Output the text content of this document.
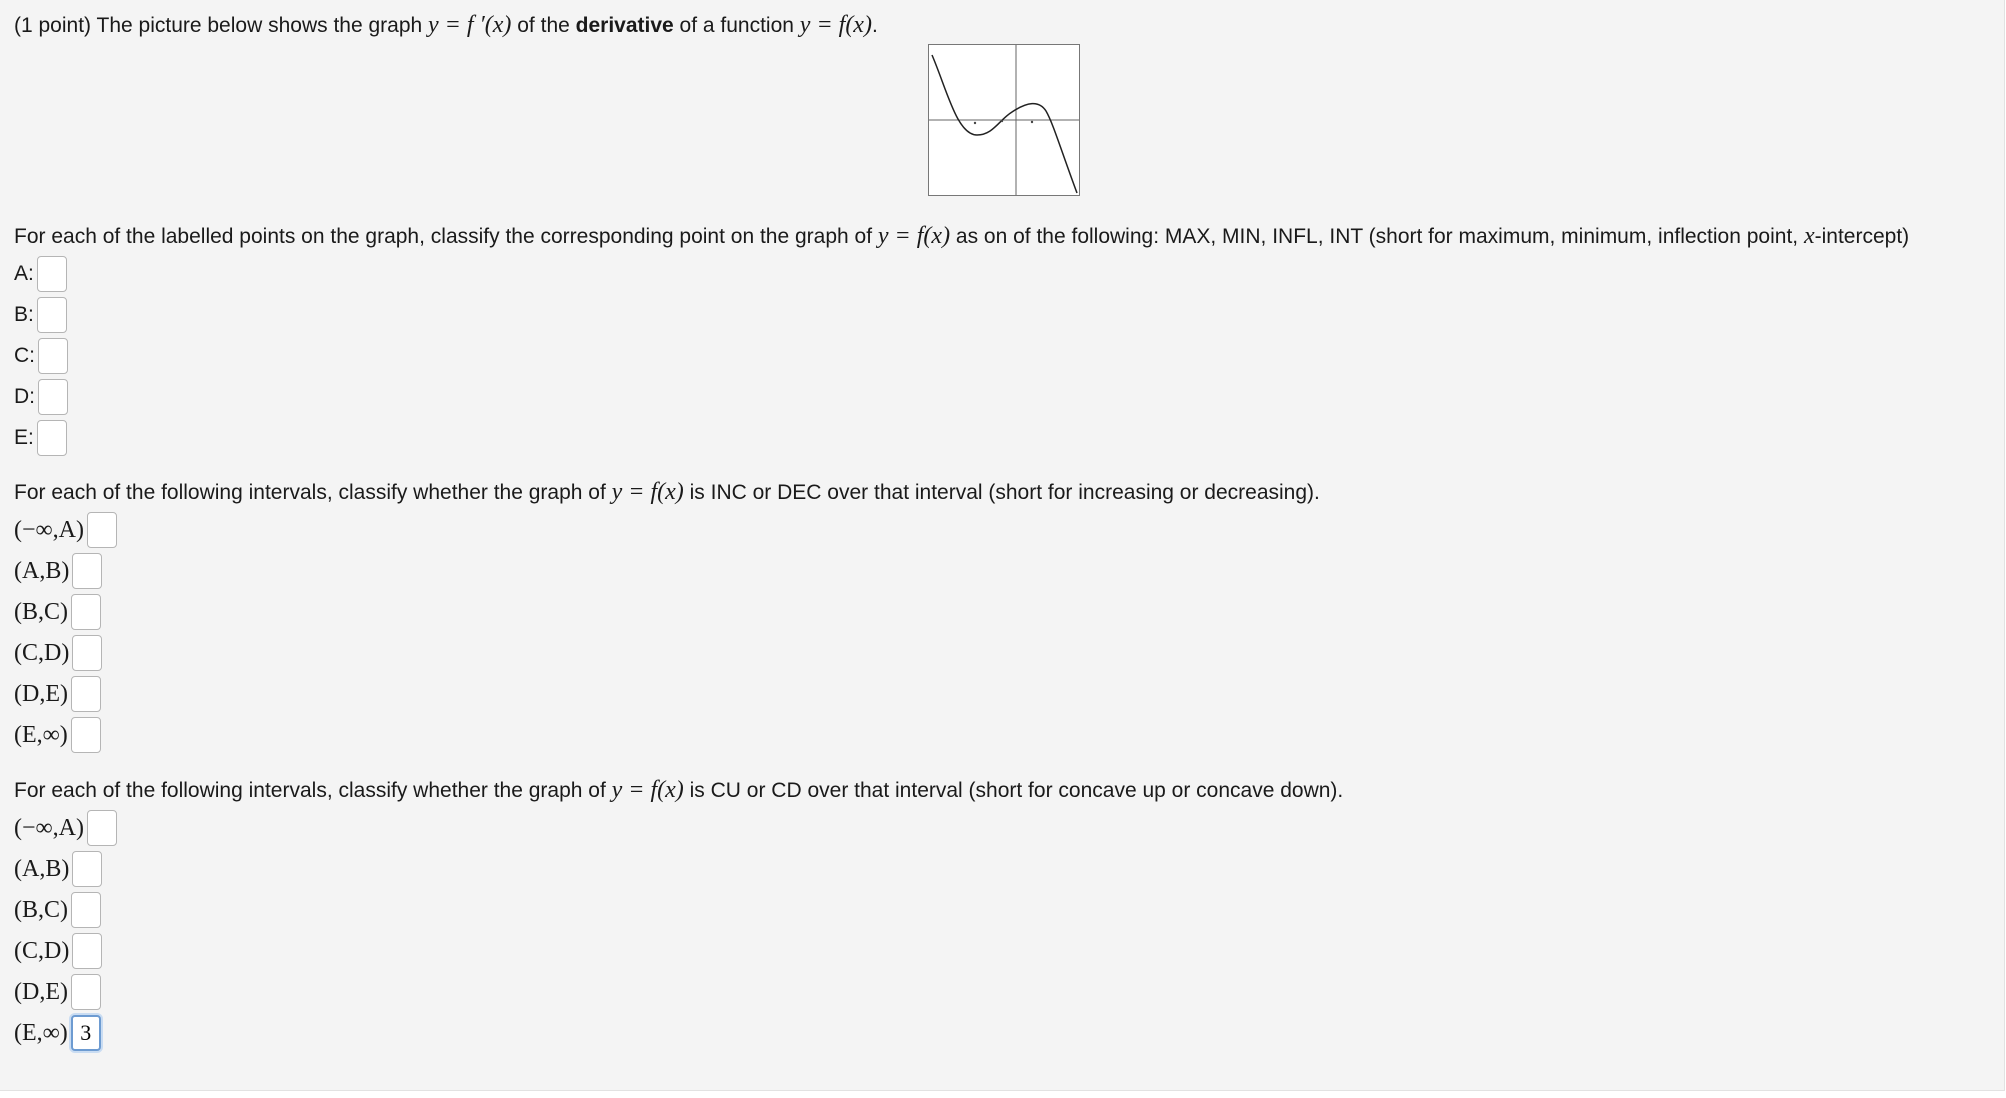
(1 point) The picture below shows the graph y = f ′(x) of the derivative of a function y = f(x).
For each of the labelled points on the graph, classify the corresponding point on the graph of y = f(x) as on of the following: MAX, MIN, INFL, INT (short for maximum, minimum, inflection point, x-intercept)
A:
B:
C:
D:
E:
For each of the following intervals, classify whether the graph of y = f(x) is INC or DEC over that interval (short for increasing or decreasing).
(−∞,A)
(A,B)
(B,C)
(C,D)
(D,E)
(E,∞)
For each of the following intervals, classify whether the graph of y = f(x) is CU or CD over that interval (short for concave up or concave down).
(−∞,A)
(A,B)
(B,C)
(C,D)
(D,E)
(E,∞)
3
